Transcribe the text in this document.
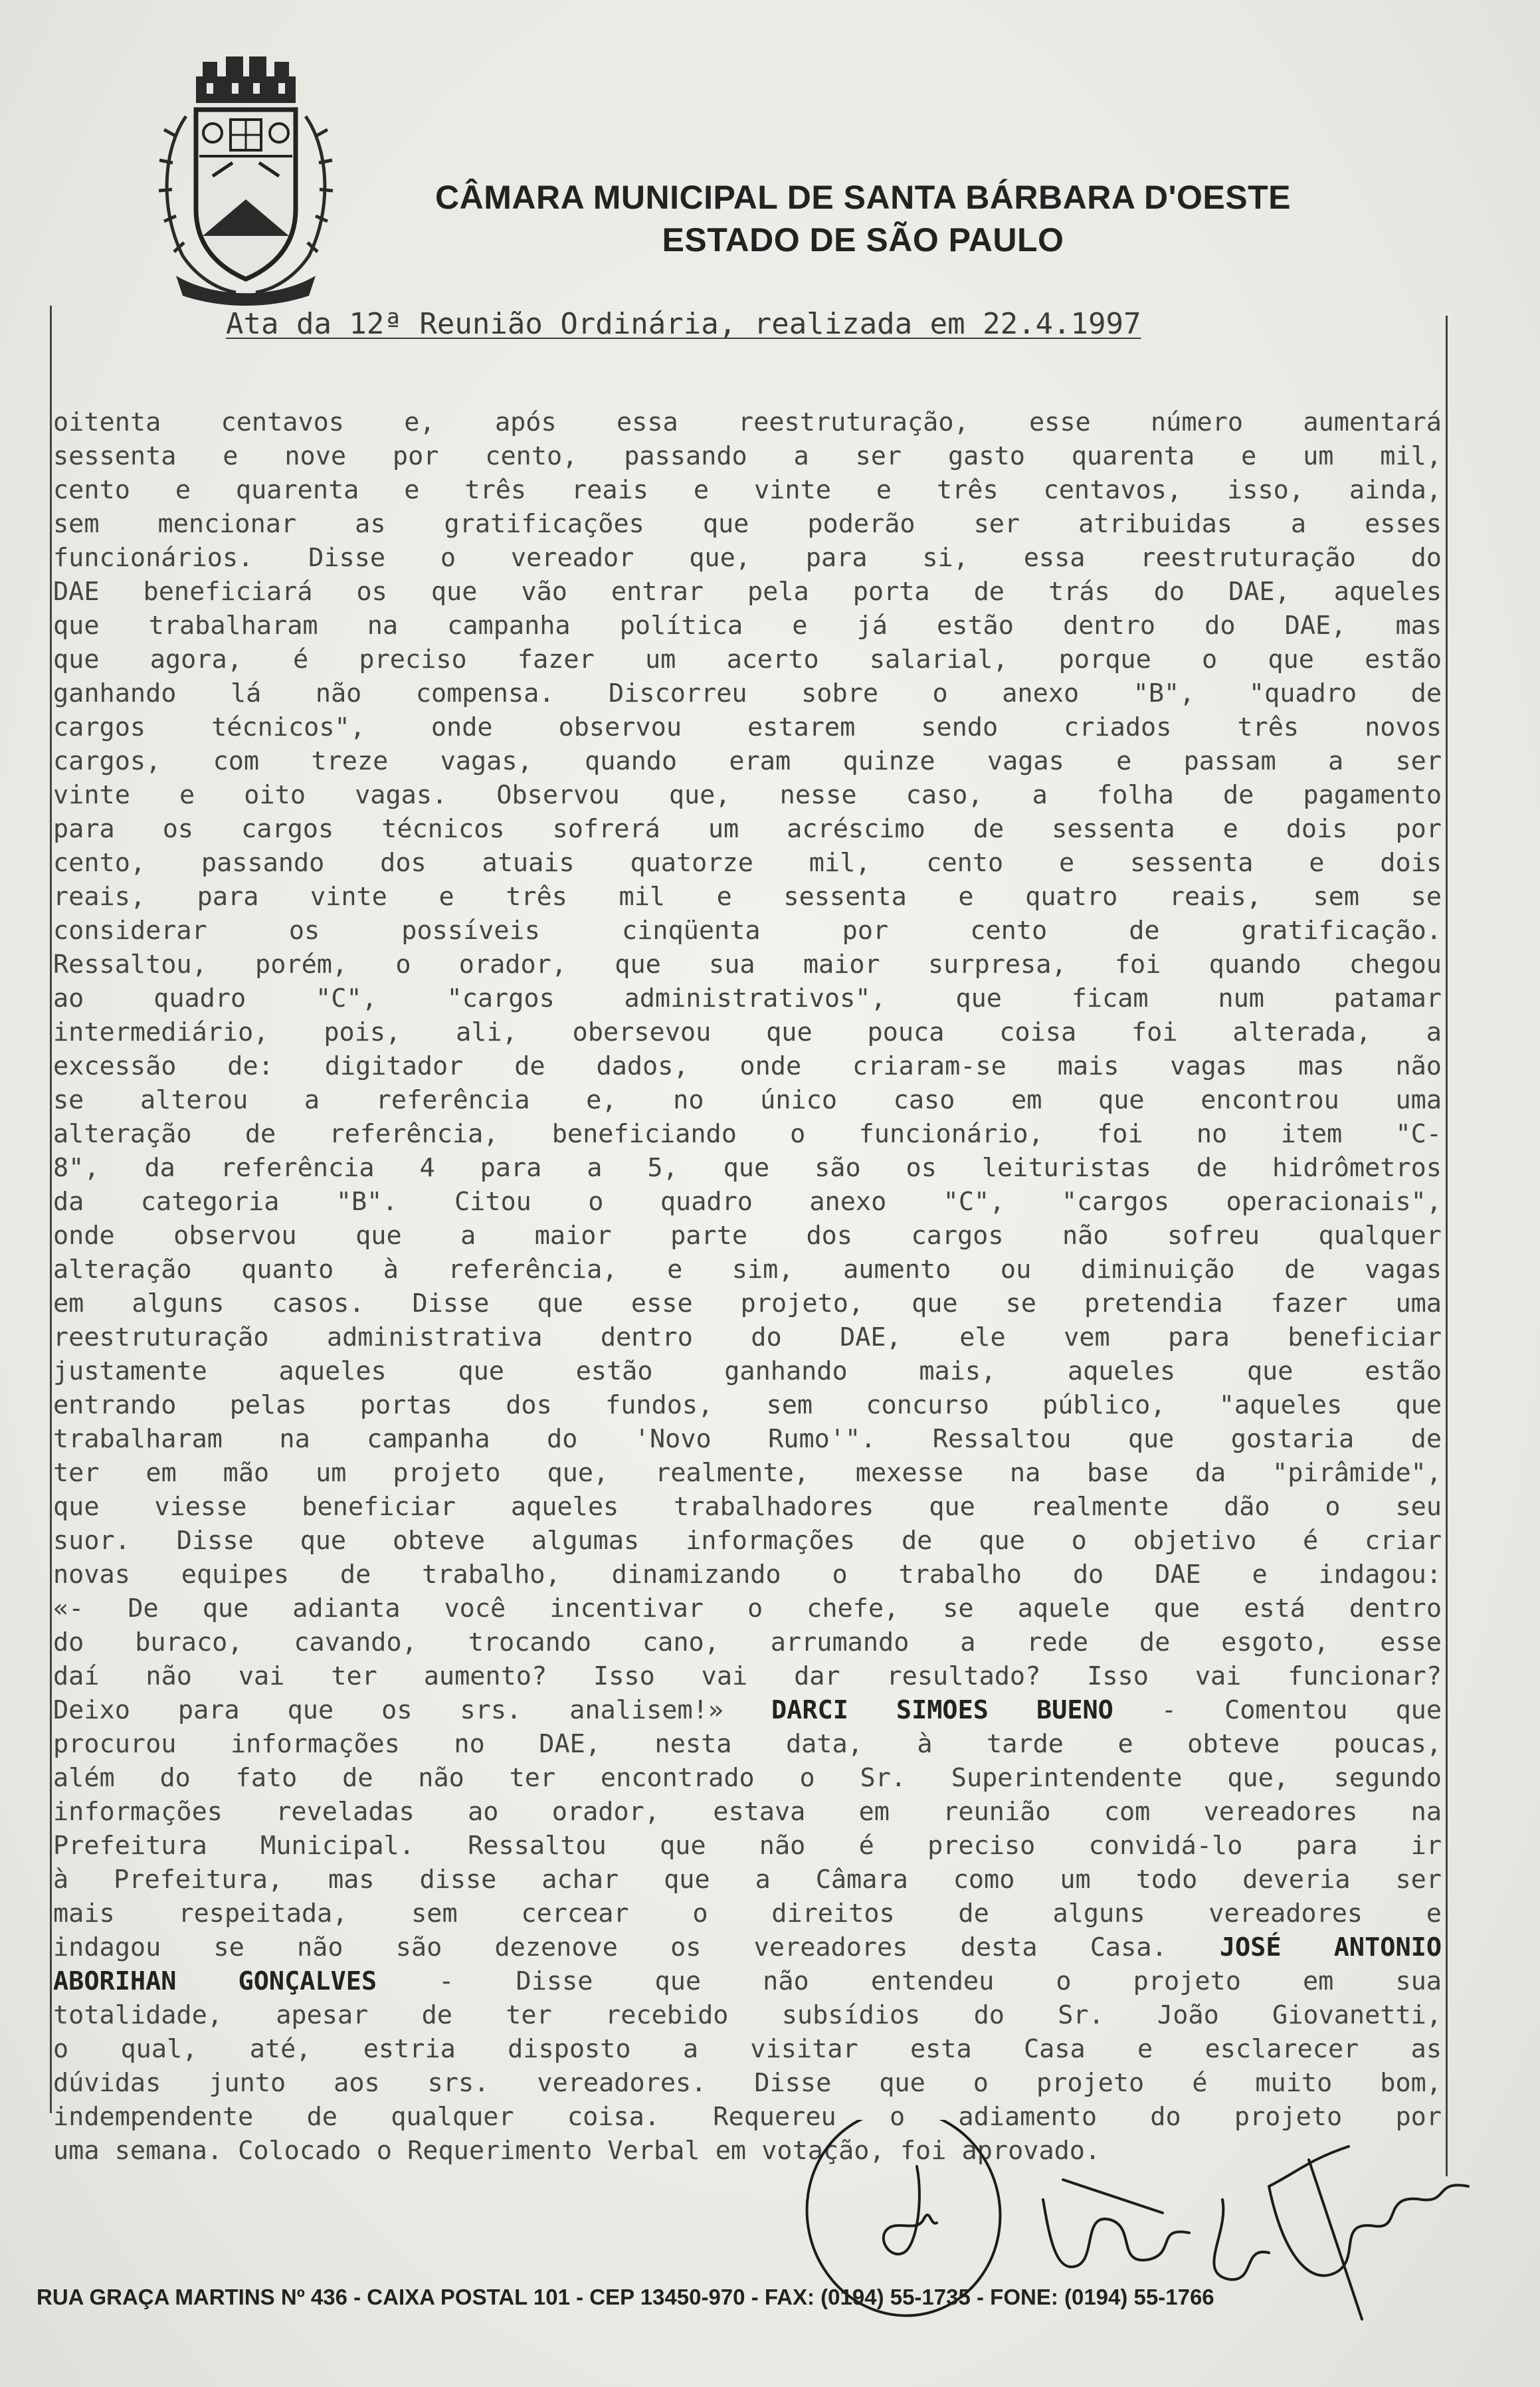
CÂMARA MUNICIPAL DE SANTA BÁRBARA D'OESTE
ESTADO DE SÃO PAULO
Ata da 12ª Reunião Ordinária, realizada em 22.4.1997
oitenta centavos e, após essa reestruturação, esse número aumentará
sessenta e nove por cento, passando a ser gasto quarenta e um mil,
cento e quarenta e três reais e vinte e três centavos, isso, ainda,
sem mencionar as gratificações que poderão ser atribuidas a esses
funcionários. Disse o vereador que, para si, essa reestruturação do
DAE beneficiará os que vão entrar pela porta de trás do DAE, aqueles
que trabalharam na campanha política e já estão dentro do DAE, mas
que agora, é preciso fazer um acerto salarial, porque o que estão
ganhando lá não compensa. Discorreu sobre o anexo "B", "quadro de
cargos técnicos", onde observou estarem sendo criados três novos
cargos, com treze vagas, quando eram quinze vagas e passam a ser
vinte e oito vagas. Observou que, nesse caso, a folha de pagamento
para os cargos técnicos sofrerá um acréscimo de sessenta e dois por
cento, passando dos atuais quatorze mil, cento e sessenta e dois
reais, para vinte e três mil e sessenta e quatro reais, sem se
considerar os possíveis cinqüenta por cento de gratificação.
Ressaltou, porém, o orador, que sua maior surpresa, foi quando chegou
ao quadro "C", "cargos administrativos", que ficam num patamar
intermediário, pois, ali, obersevou que pouca coisa foi alterada, a
excessão de: digitador de dados, onde criaram-se mais vagas mas não
se alterou a referência e, no único caso em que encontrou uma
alteração de referência, beneficiando o funcionário, foi no item "C-
8", da referência 4 para a 5, que são os leituristas de hidrômetros
da categoria "B". Citou o quadro anexo "C", "cargos operacionais",
onde observou que a maior parte dos cargos não sofreu qualquer
alteração quanto à referência, e sim, aumento ou diminuição de vagas
em alguns casos. Disse que esse projeto, que se pretendia fazer uma
reestruturação administrativa dentro do DAE, ele vem para beneficiar
justamente aqueles que estão ganhando mais, aqueles que estão
entrando pelas portas dos fundos, sem concurso público, "aqueles que
trabalharam na campanha do 'Novo Rumo'". Ressaltou que gostaria de
ter em mão um projeto que, realmente, mexesse na base da "pirâmide",
que viesse beneficiar aqueles trabalhadores que realmente dão o seu
suor. Disse que obteve algumas informações de que o objetivo é criar
novas equipes de trabalho, dinamizando o trabalho do DAE e indagou:
«- De que adianta você incentivar o chefe, se aquele que está dentro
do buraco, cavando, trocando cano, arrumando a rede de esgoto, esse
daí não vai ter aumento? Isso vai dar resultado? Isso vai funcionar?
Deixo para que os srs. analisem!» DARCI SIMOES BUENO - Comentou que
procurou informações no DAE, nesta data, à tarde e obteve poucas,
além do fato de não ter encontrado o Sr. Superintendente que, segundo
informações reveladas ao orador, estava em reunião com vereadores na
Prefeitura Municipal. Ressaltou que não é preciso convidá-lo para ir
à Prefeitura, mas disse achar que a Câmara como um todo deveria ser
mais respeitada, sem cercear o direitos de alguns vereadores e
indagou se não são dezenove os vereadores desta Casa. JOSÉ ANTONIO
ABORIHAN GONÇALVES - Disse que não entendeu o projeto em sua
totalidade, apesar de ter recebido subsídios do Sr. João Giovanetti,
o qual, até, estria disposto a visitar esta Casa e esclarecer as
dúvidas junto aos srs. vereadores. Disse que o projeto é muito bom,
indempendente de qualquer coisa. Requereu o adiamento do projeto por
uma semana. Colocado o Requerimento Verbal em votação, foi aprovado.
RUA GRAÇA MARTINS Nº 436 - CAIXA POSTAL 101 - CEP 13450-970 - FAX: (0194) 55-1735 - FONE: (0194) 55-1766
